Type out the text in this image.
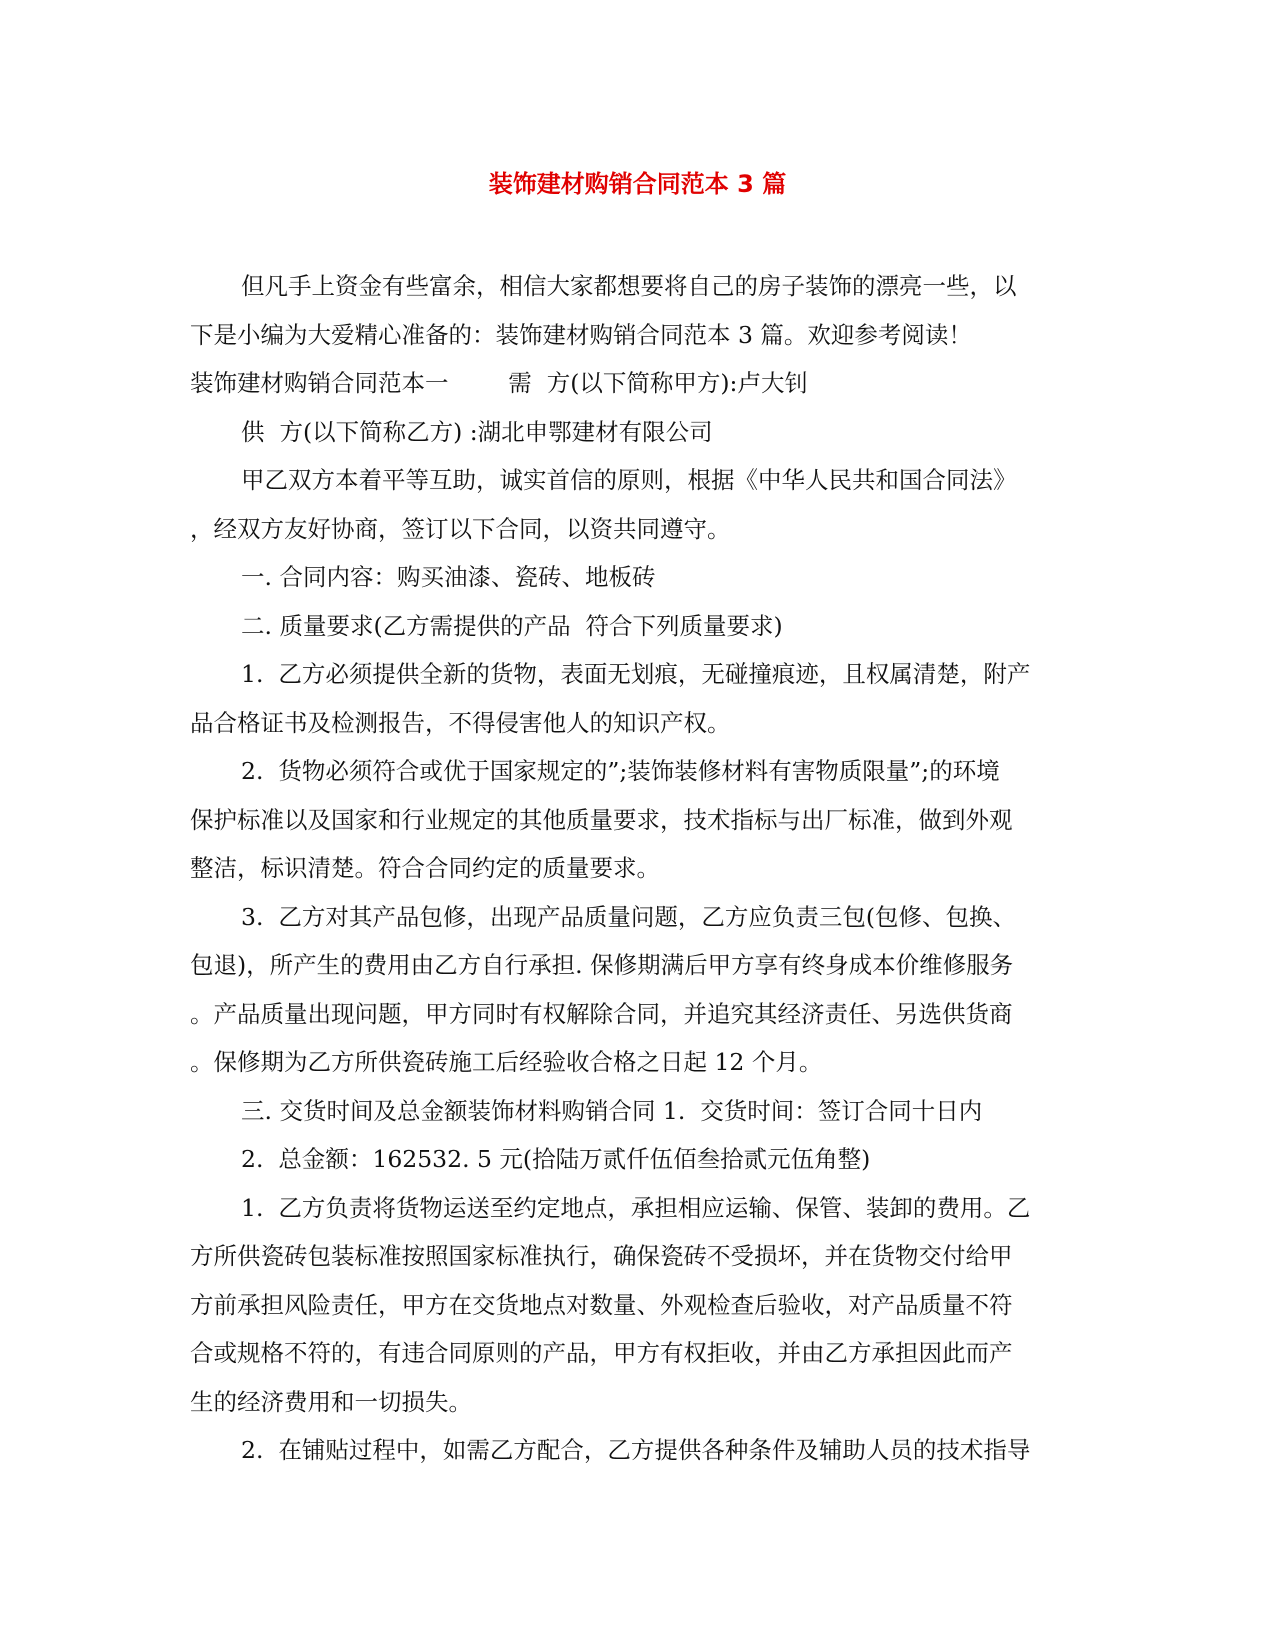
装饰建材购销合同范本 3 篇

但凡手上资金有些富余，相信大家都想要将自己的房子装饰的漂亮一些，以

下是小编为大爱精心准备的：装饰建材购销合同范本 3 篇。欢迎参考阅读！

装饰建材购销合同范本一        需  方(以下简称甲方):卢大钊

供  方(以下简称乙方) :湖北申鄂建材有限公司

甲乙双方本着平等互助，诚实首信的原则，根据《中华人民共和国合同法》

，经双方友好协商，签订以下合同，以资共同遵守。

一. 合同内容：购买油漆、瓷砖、地板砖

二. 质量要求(乙方需提供的产品  符合下列质量要求)

1.  乙方必须提供全新的货物，表面无划痕，无碰撞痕迹，且权属清楚，附产

品合格证书及检测报告，不得侵害他人的知识产权。

2.  货物必须符合或优于国家规定的”;装饰装修材料有害物质限量”;的环境

保护标准以及国家和行业规定的其他质量要求，技术指标与出厂标准，做到外观

整洁，标识清楚。符合合同约定的质量要求。

3.  乙方对其产品包修，出现产品质量问题，乙方应负责三包(包修、包换、

包退)，所产生的费用由乙方自行承担. 保修期满后甲方享有终身成本价维修服务

。产品质量出现问题，甲方同时有权解除合同，并追究其经济责任、另选供货商

。保修期为乙方所供瓷砖施工后经验收合格之日起 12 个月。

三. 交货时间及总金额装饰材料购销合同 1.  交货时间：签订合同十日内

2.  总金额：162532. 5 元(拾陆万贰仟伍佰叁拾贰元伍角整)

1.  乙方负责将货物运送至约定地点，承担相应运输、保管、装卸的费用。乙

方所供瓷砖包装标准按照国家标准执行，确保瓷砖不受损坏，并在货物交付给甲

方前承担风险责任，甲方在交货地点对数量、外观检查后验收，对产品质量不符

合或规格不符的，有违合同原则的产品，甲方有权拒收，并由乙方承担因此而产

生的经济费用和一切损失。

2.  在铺贴过程中，如需乙方配合，乙方提供各种条件及辅助人员的技术指导
